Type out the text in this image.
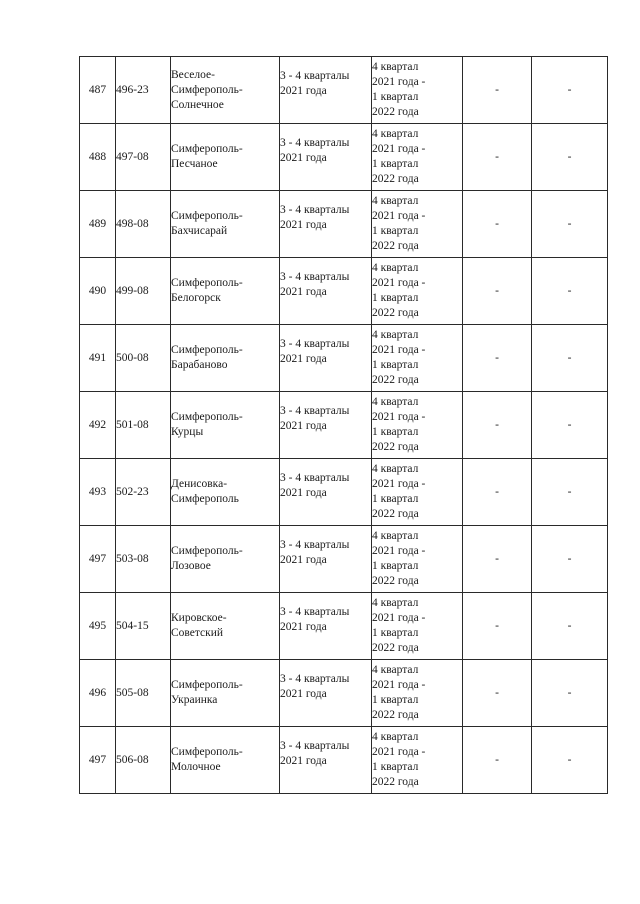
487	496-23	Веселое-
Симферополь-
Солнечное	3 - 4 кварталы
2021 года	4 квартал
2021 года -
1 квартал
2022 года	-	-
488	497-08	Симферополь-
Песчаное	3 - 4 кварталы
2021 года	4 квартал
2021 года -
1 квартал
2022 года	-	-
489	498-08	Симферополь-
Бахчисарай	3 - 4 кварталы
2021 года	4 квартал
2021 года -
1 квартал
2022 года	-	-
490	499-08	Симферополь-
Белогорск	3 - 4 кварталы
2021 года	4 квартал
2021 года -
1 квартал
2022 года	-	-
491	500-08	Симферополь-
Барабаново	3 - 4 кварталы
2021 года	4 квартал
2021 года -
1 квартал
2022 года	-	-
492	501-08	Симферополь-
Курцы	3 - 4 кварталы
2021 года	4 квартал
2021 года -
1 квартал
2022 года	-	-
493	502-23	Денисовка-
Симферополь	3 - 4 кварталы
2021 года	4 квартал
2021 года -
1 квартал
2022 года	-	-
497	503-08	Симферополь-
Лозовое	3 - 4 кварталы
2021 года	4 квартал
2021 года -
1 квартал
2022 года	-	-
495	504-15	Кировское-
Советский	3 - 4 кварталы
2021 года	4 квартал
2021 года -
1 квартал
2022 года	-	-
496	505-08	Симферополь-
Украинка	3 - 4 кварталы
2021 года	4 квартал
2021 года -
1 квартал
2022 года	-	-
497	506-08	Симферополь-
Молочное	3 - 4 кварталы
2021 года	4 квартал
2021 года -
1 квартал
2022 года	-	-
